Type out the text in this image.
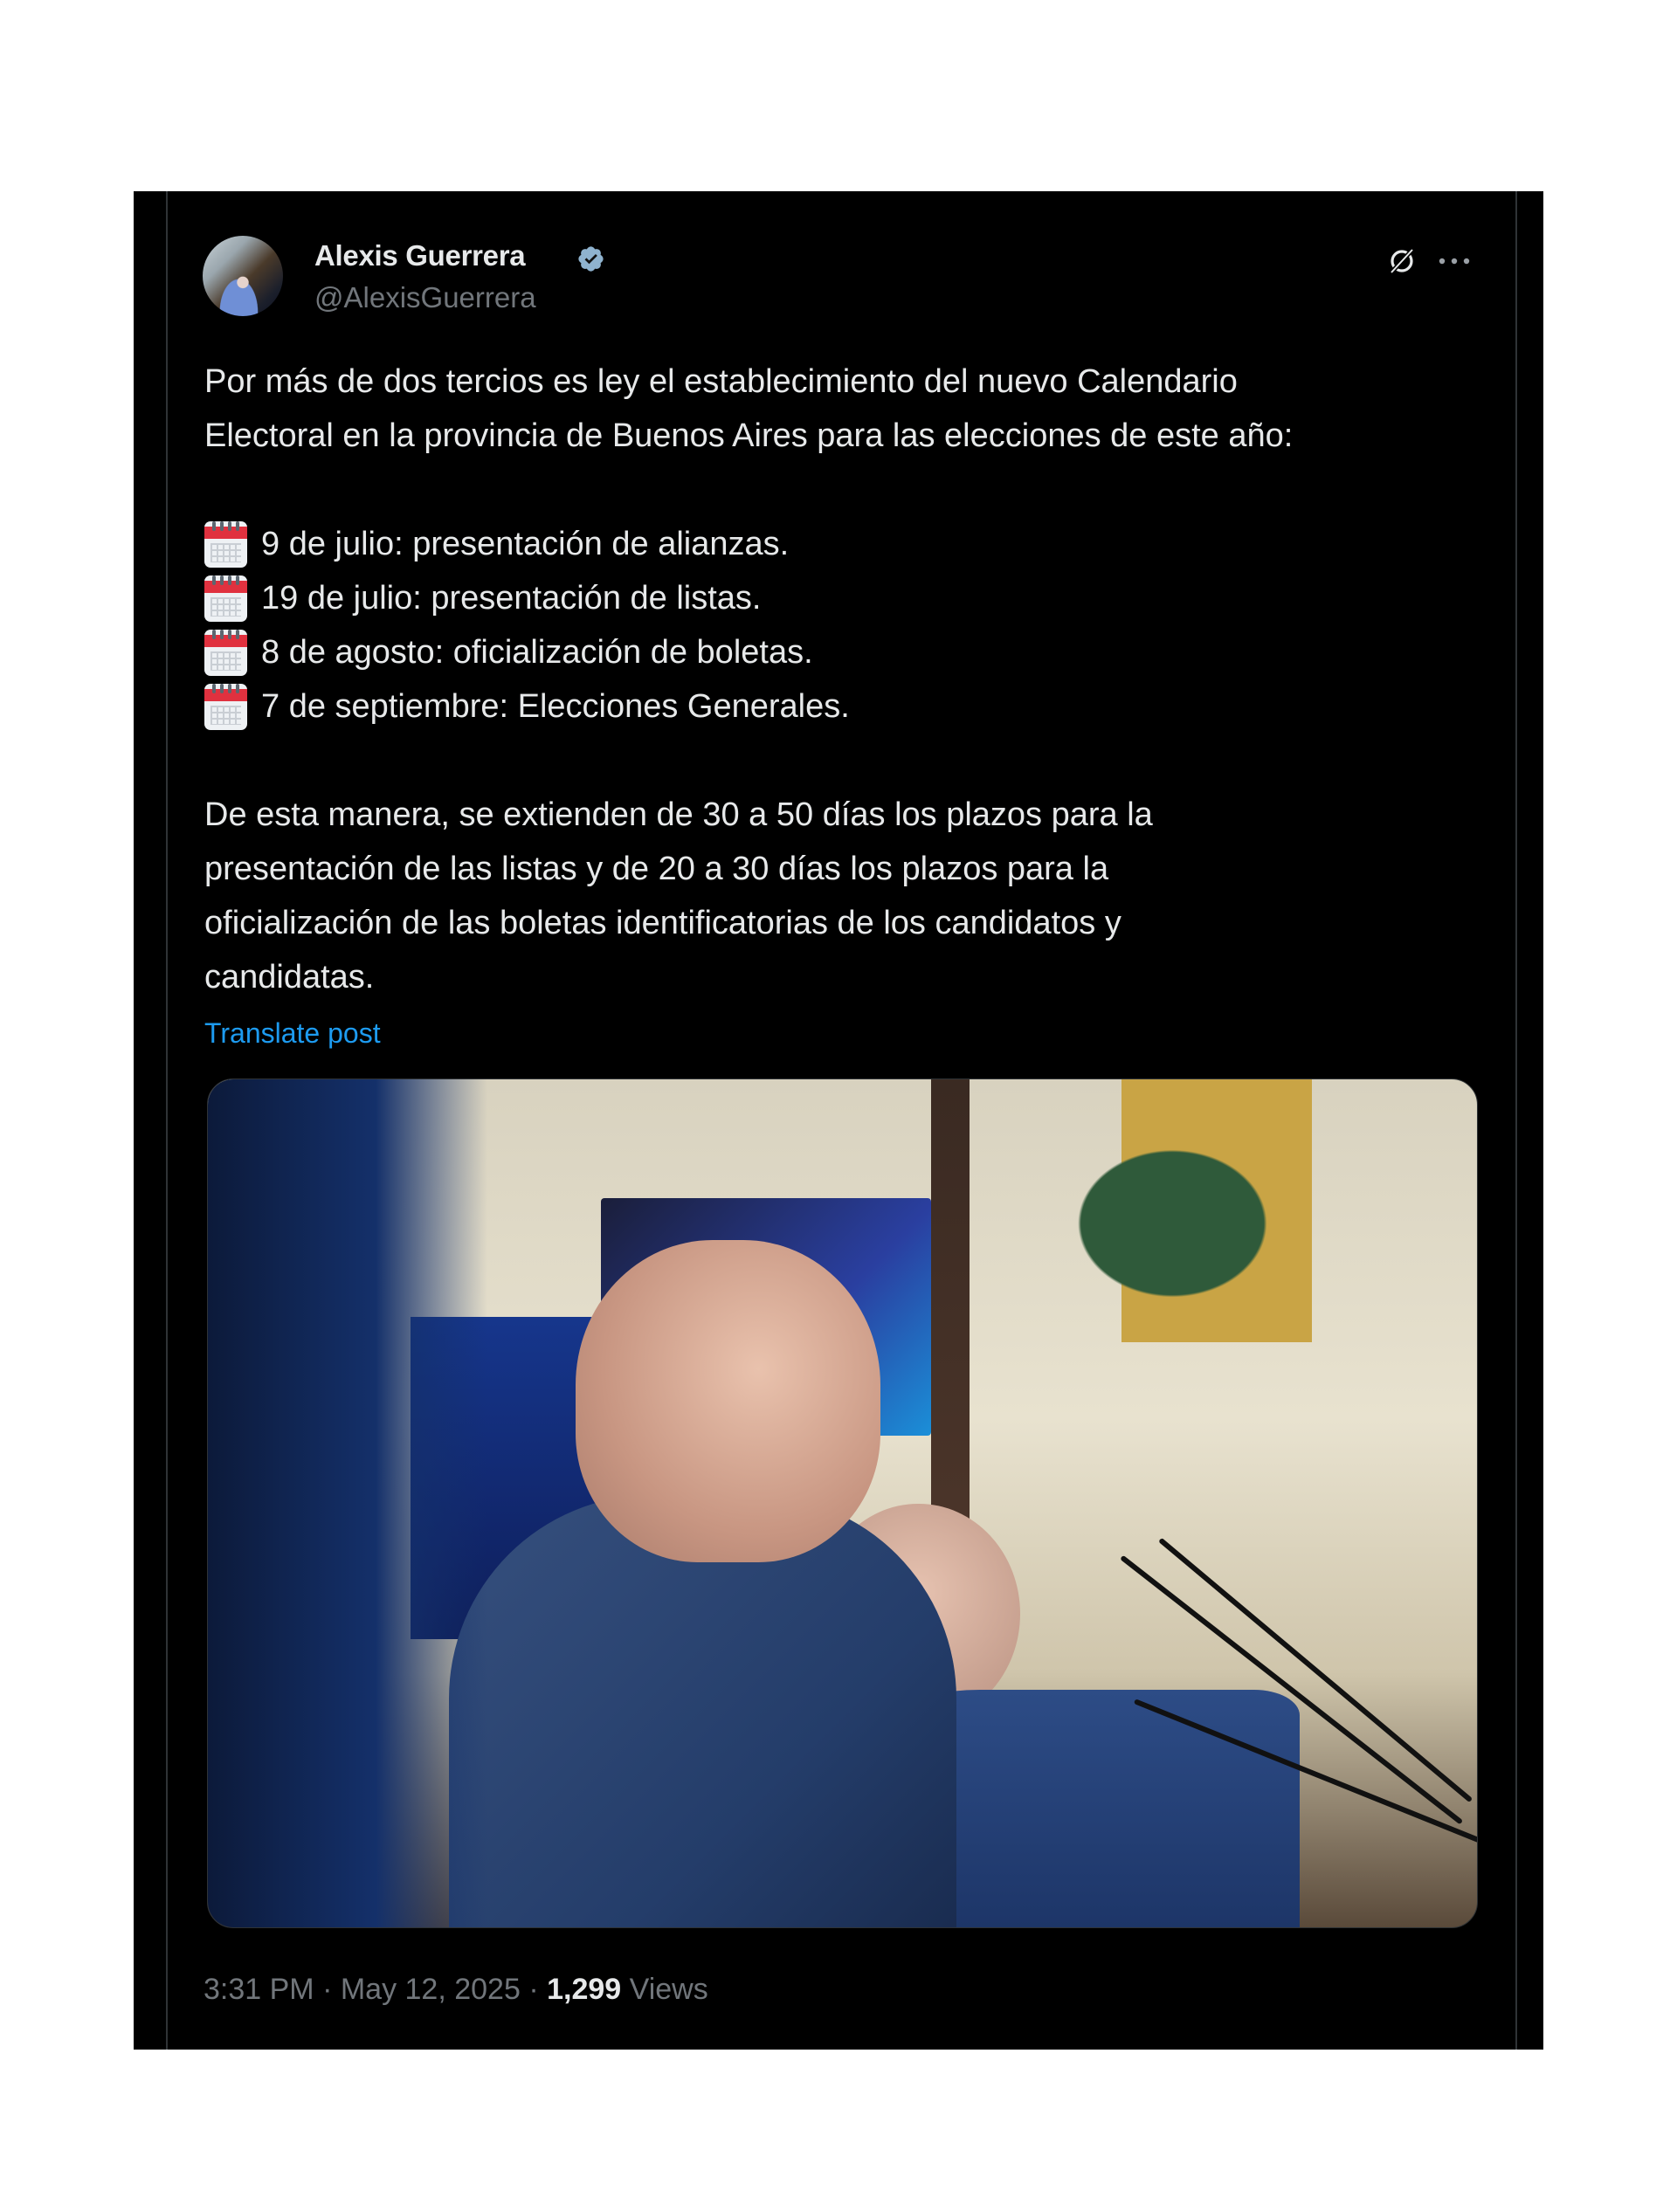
Alexis Guerrera
@AlexisGuerrera

Por más de dos tercios es ley el establecimiento del nuevo Calendario

Electoral en la provincia de Buenos Aires para las elecciones de este año:

9 de julio: presentación de alianzas.
19 de julio: presentación de listas.
8 de agosto: oficialización de boletas.
7 de septiembre: Elecciones Generales.

De esta manera, se extienden de 30 a 50 días los plazos para la

presentación de las listas y de 20 a 30 días los plazos para la

oficialización de las boletas identificatorias de los candidatos y

candidatas.

Translate post
3:31 PM · May 12, 2025 · 1,299 Views
